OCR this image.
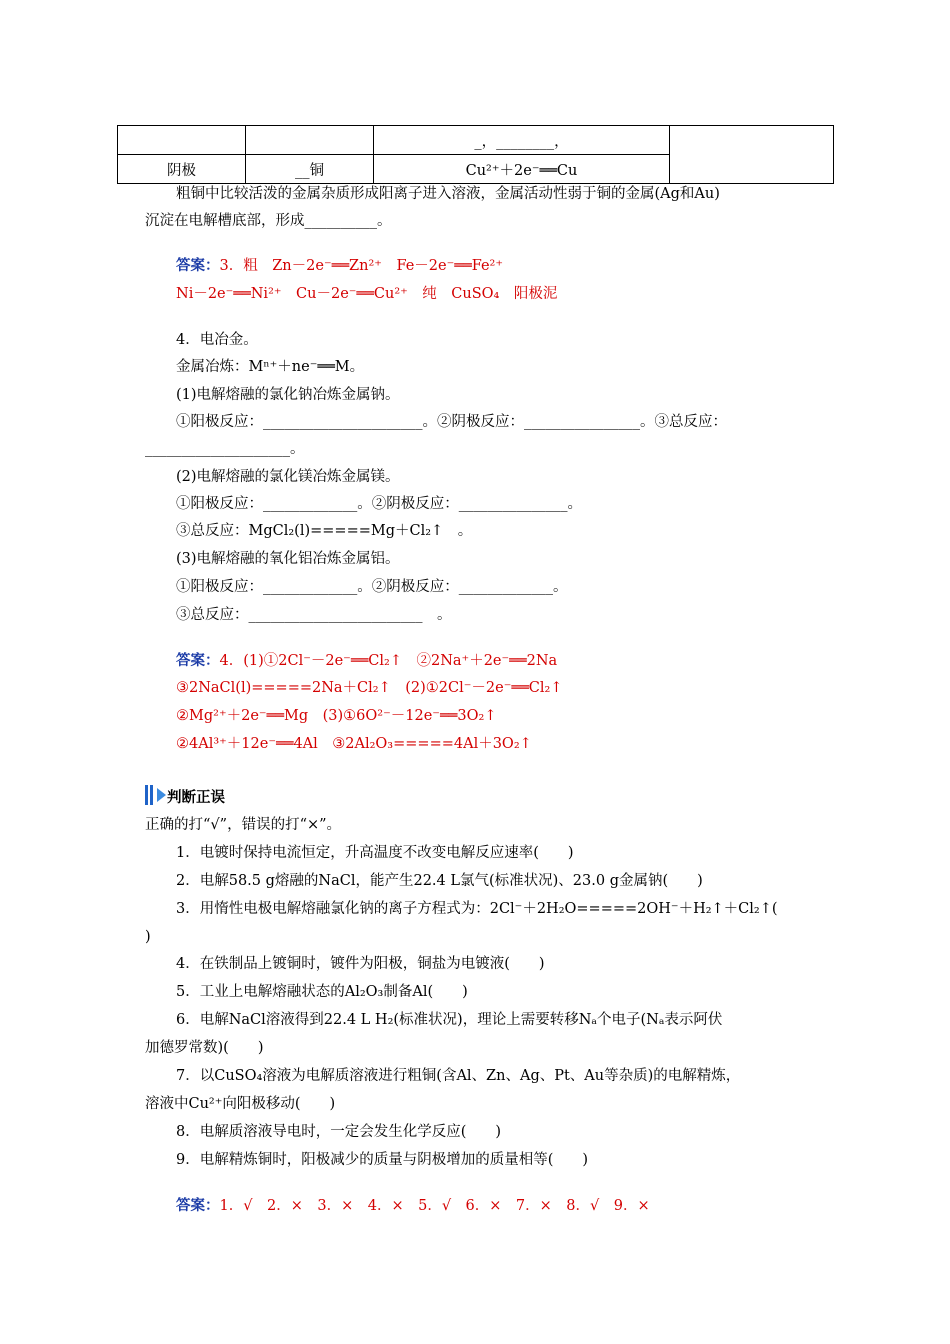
		_，________，	
阴极	__铜	Cu²⁺＋2e⁻══Cu	
粗铜中比较活泼的金属杂质形成阳离子进入溶液，金属活动性弱于铜的金属(Ag和Au)
沉淀在电解槽底部，形成__________。
答案：3．粗　Zn－2e⁻══Zn²⁺　Fe－2e⁻══Fe²⁺
Ni－2e⁻══Ni²⁺　Cu－2e⁻══Cu²⁺　纯　CuSO₄　阳极泥
4．电冶金。
金属冶炼：Mⁿ⁺＋ne⁻══M。
(1)电解熔融的氯化钠冶炼金属钠。
①阳极反应：______________________。②阴极反应：________________。③总反应：
____________________。
(2)电解熔融的氯化镁冶炼金属镁。
①阳极反应：_____________。②阴极反应：_______________。
③总反应：MgCl₂(l)=====Mg＋Cl₂↑　。
(3)电解熔融的氧化铝冶炼金属铝。
①阳极反应：_____________。②阴极反应：_____________。
③总反应：________________________　。
答案：4．(1)①2Cl⁻－2e⁻══Cl₂↑　②2Na⁺＋2e⁻══2Na
③2NaCl(l)=====2Na＋Cl₂↑　(2)①2Cl⁻－2e⁻══Cl₂↑
②Mg²⁺＋2e⁻══Mg　(3)①6O²⁻－12e⁻══3O₂↑
②4Al³⁺＋12e⁻══4Al　③2Al₂O₃=====4Al＋3O₂↑
判断正误
正确的打“√”，错误的打“×”。
1．电镀时保持电流恒定，升高温度不改变电解反应速率(　　)
2．电解58.5 g熔融的NaCl，能产生22.4 L氯气(标准状况)、23.0 g金属钠(　　)
3．用惰性电极电解熔融氯化钠的离子方程式为：2Cl⁻＋2H₂O=====2OH⁻＋H₂↑＋Cl₂↑(
)
4．在铁制品上镀铜时，镀件为阳极，铜盐为电镀液(　　)
5．工业上电解熔融状态的Al₂O₃制备Al(　　)
6．电解NaCl溶液得到22.4 L H₂(标准状况)，理论上需要转移Nₐ个电子(Nₐ表示阿伏
加德罗常数)(　　)
7．以CuSO₄溶液为电解质溶液进行粗铜(含Al、Zn、Ag、Pt、Au等杂质)的电解精炼，
溶液中Cu²⁺向阳极移动(　　)
8．电解质溶液导电时，一定会发生化学反应(　　)
9．电解精炼铜时，阳极减少的质量与阴极增加的质量相等(　　)
答案：1．√　2．×　3．×　4．×　5．√　6．×　7．×　8．√　9．×
